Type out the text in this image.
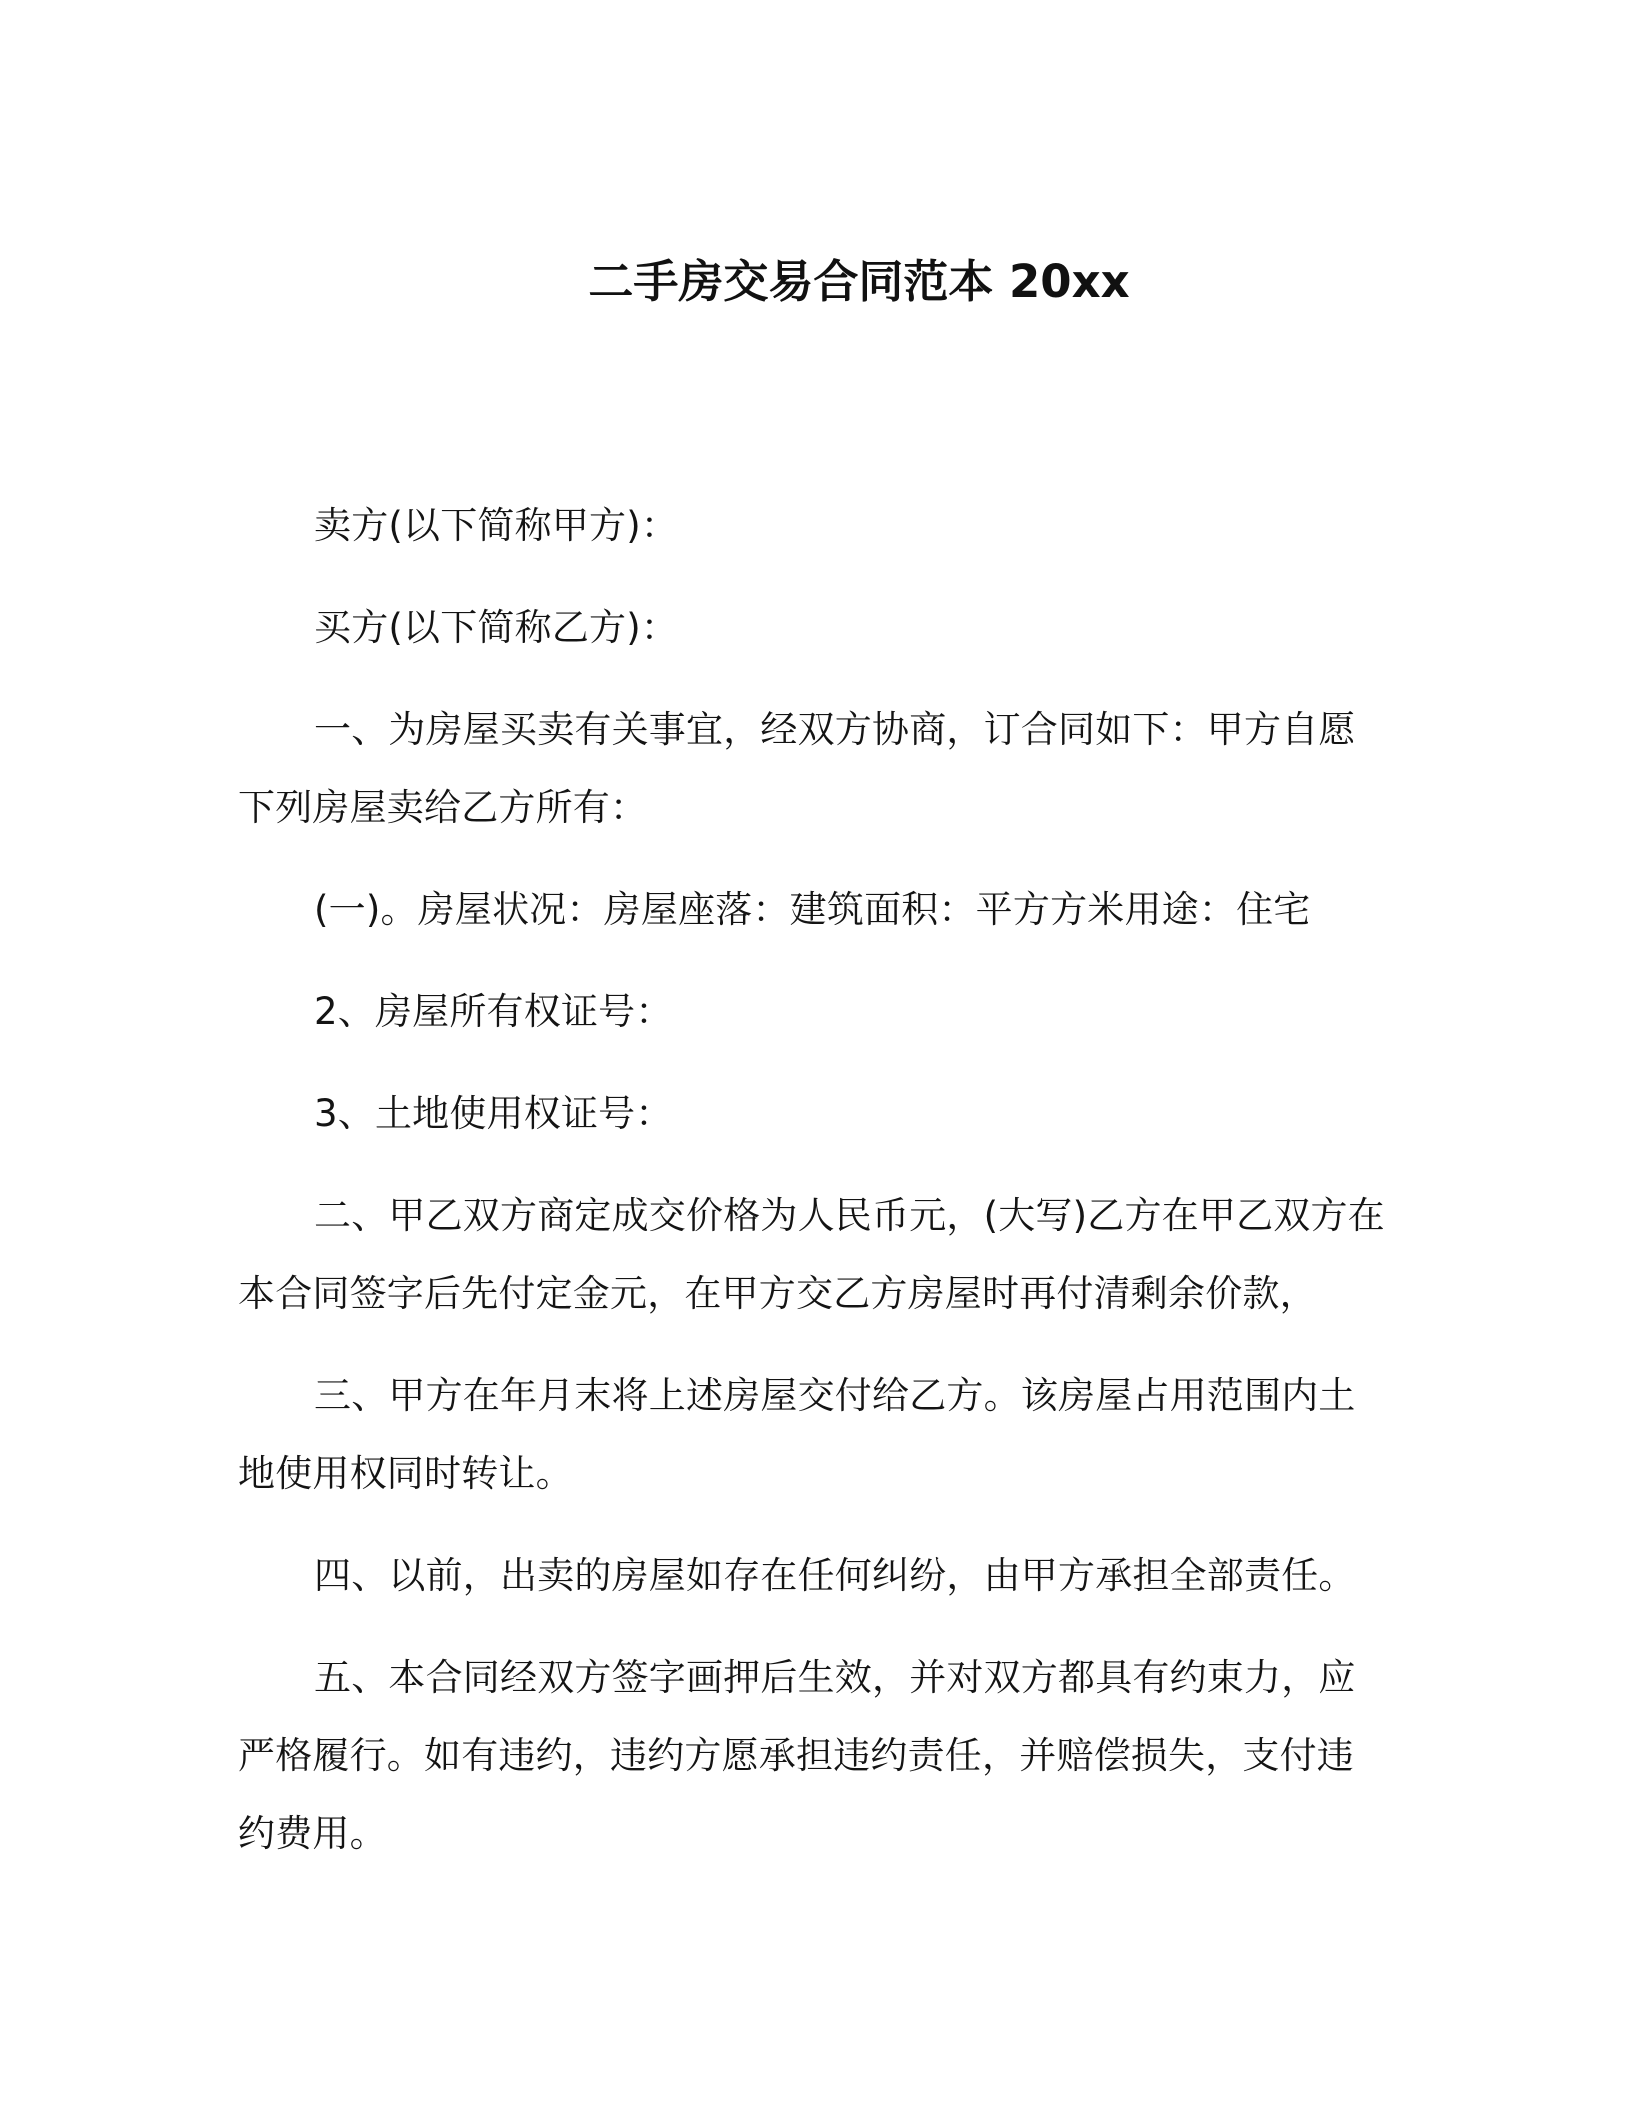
二手房交易合同范本 20xx

卖方(以下简称甲方)：

买方(以下简称乙方)：

一、为房屋买卖有关事宜，经双方协商，订合同如下：甲方自愿
下列房屋卖给乙方所有：

(一)。房屋状况：房屋座落：建筑面积：平方方米用途：住宅

2、房屋所有权证号：

3、土地使用权证号：

二、甲乙双方商定成交价格为人民币元，(大写)乙方在甲乙双方在
本合同签字后先付定金元，在甲方交乙方房屋时再付清剩余价款，

三、甲方在年月末将上述房屋交付给乙方。该房屋占用范围内土
地使用权同时转让。

四、以前，出卖的房屋如存在任何纠纷，由甲方承担全部责任。

五、本合同经双方签字画押后生效，并对双方都具有约束力，应
严格履行。如有违约，违约方愿承担违约责任，并赔偿损失，支付违
约费用。
